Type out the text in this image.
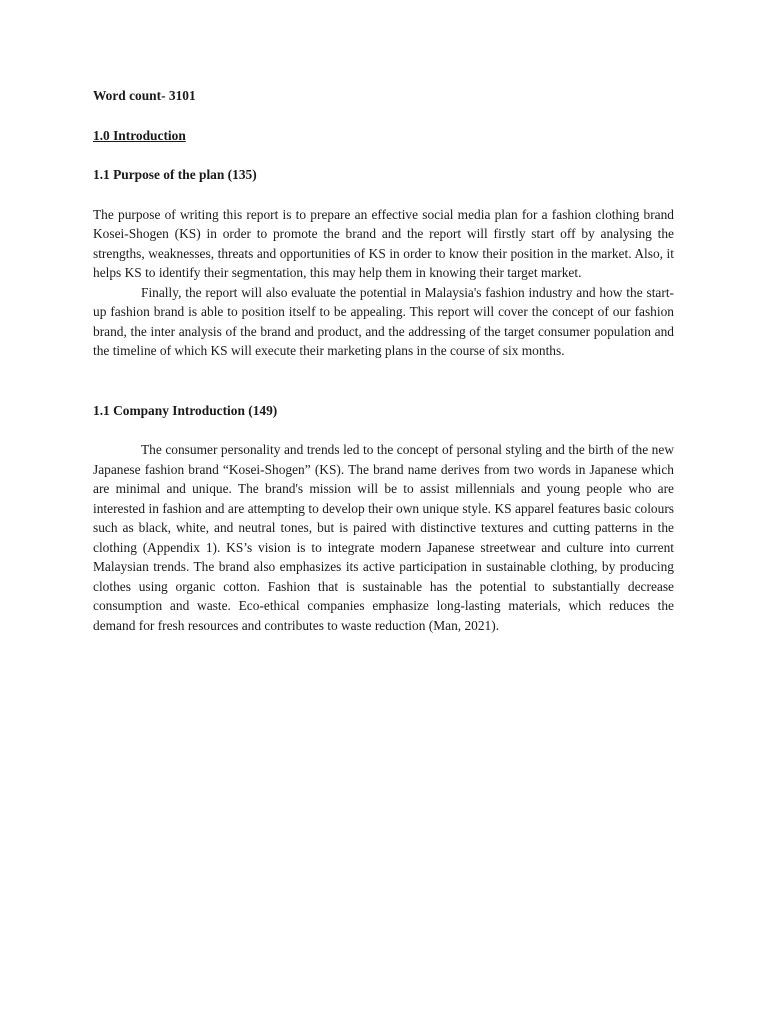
Word count- 3101
1.0 Introduction
1.1 Purpose of the plan (135)

The purpose of writing this report is to prepare an effective social media plan for a fashion clothing brand Kosei-Shogen (KS) in order to promote the brand and the report will firstly start off by analysing the strengths, weaknesses, threats and opportunities of KS in order to know their position in the market. Also, it helps KS to identify their segmentation, this may help them in knowing their target market.

Finally, the report will also evaluate the potential in Malaysia's fashion industry and how the start-up fashion brand is able to position itself to be appealing. This report will cover the concept of our fashion brand, the inter analysis of the brand and product, and the addressing of the target consumer population and the timeline of which KS will execute their marketing plans in the course of six months.

1.1 Company Introduction (149)

The consumer personality and trends led to the concept of personal styling and the birth of the new Japanese fashion brand “Kosei-Shogen” (KS). The brand name derives from two words in Japanese which are minimal and unique. The brand's mission will be to assist millennials and young people who are interested in fashion and are attempting to develop their own unique style. KS apparel features basic colours such as black, white, and neutral tones, but is paired with distinctive textures and cutting patterns in the clothing (Appendix 1). KS’s vision is to integrate modern Japanese streetwear and culture into current Malaysian trends. The brand also emphasizes its active participation in sustainable clothing, by producing clothes using organic cotton. Fashion that is sustainable has the potential to substantially decrease consumption and waste. Eco-ethical companies emphasize long-lasting materials, which reduces the demand for fresh resources and contributes to waste reduction (Man, 2021).
